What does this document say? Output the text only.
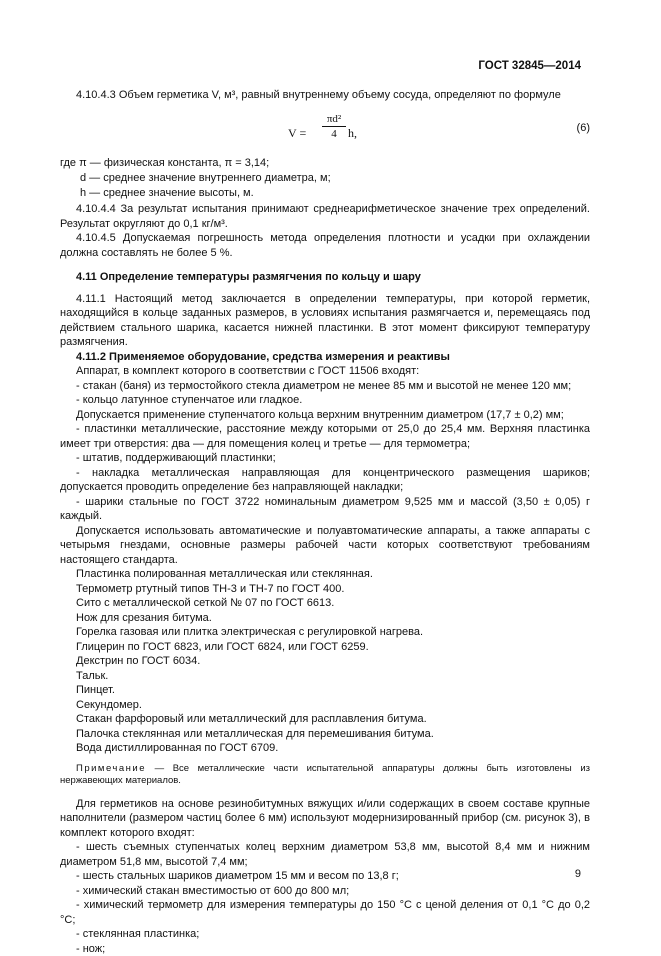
ГОСТ 32845—2014

4.10.4.3 Объем герметика V, м³, равный внутреннему объему сосуда, определяют по формуле

$V = \frac{\text{πd²}}{4} h$,	(6)
где π — физическая константа, π = 3,14;
d — среднее значение внутреннего диаметра, м;
h — среднее значение высоты, м.

4.10.4.4 За результат испытания принимают среднеарифметическое значение трех определений. Результат округляют до 0,1 кг/м³.

4.10.4.5 Допускаемая погрешность метода определения плотности и усадки при охлаждении должна составлять не более 5 %.

4.11 Определение температуры размягчения по кольцу и шару

4.11.1 Настоящий метод заключается в определении температуры, при которой герметик, находящийся в кольце заданных размеров, в условиях испытания размягчается и, перемещаясь под действием стального шарика, касается нижней пластинки. В этот момент фиксируют температуру размягчения.

4.11.2 Применяемое оборудование, средства измерения и реактивы

Аппарат, в комплект которого в соответствии с ГОСТ 11506 входят:

- стакан (баня) из термостойкого стекла диаметром не менее 85 мм и высотой не менее 120 мм;

- кольцо латунное ступенчатое или гладкое.

Допускается применение ступенчатого кольца верхним внутренним диаметром (17,7 ± 0,2) мм;

- пластинки металлические, расстояние между которыми от 25,0 до 25,4 мм. Верхняя пластинка имеет три отверстия: два — для помещения колец и третье — для термометра;

- штатив, поддерживающий пластинки;

- накладка металлическая направляющая для концентрического размещения шариков; допускается проводить определение без направляющей накладки;

- шарики стальные по ГОСТ 3722 номинальным диаметром 9,525 мм и массой (3,50 ± 0,05) г каждый.

Допускается использовать автоматические и полуавтоматические аппараты, а также аппараты с четырьмя гнездами, основные размеры рабочей части которых соответствуют требованиям настоящего стандарта.

Пластинка полированная металлическая или стеклянная.

Термометр ртутный типов ТН-3 и ТН-7 по ГОСТ 400.

Сито с металлической сеткой № 07 по ГОСТ 6613.

Нож для срезания битума.

Горелка газовая или плитка электрическая с регулировкой нагрева.

Глицерин по ГОСТ 6823, или ГОСТ 6824, или ГОСТ 6259.

Декстрин по ГОСТ 6034.

Тальк.

Пинцет.

Секундомер.

Стакан фарфоровый или металлический для расплавления битума.

Палочка стеклянная или металлическая для перемешивания битума.

Вода дистиллированная по ГОСТ 6709.

Примечание — Все металлические части испытательной аппаратуры должны быть изготовлены из нержавеющих материалов.

Для герметиков на основе резинобитумных вяжущих и/или содержащих в своем составе крупные наполнители (размером частиц более 6 мм) используют модернизированный прибор (см. рисунок 3), в комплект которого входят:

- шесть съемных ступенчатых колец верхним диаметром 53,8 мм, высотой 8,4 мм и нижним диаметром 51,8 мм, высотой 7,4 мм;

- шесть стальных шариков диаметром 15 мм и весом по 13,8 г;

- химический стакан вместимостью от 600 до 800 мл;

- химический термометр для измерения температуры до 150 °С с ценой деления от 0,1 °С до 0,2 °С;

- стеклянная пластинка;

- нож;

9
